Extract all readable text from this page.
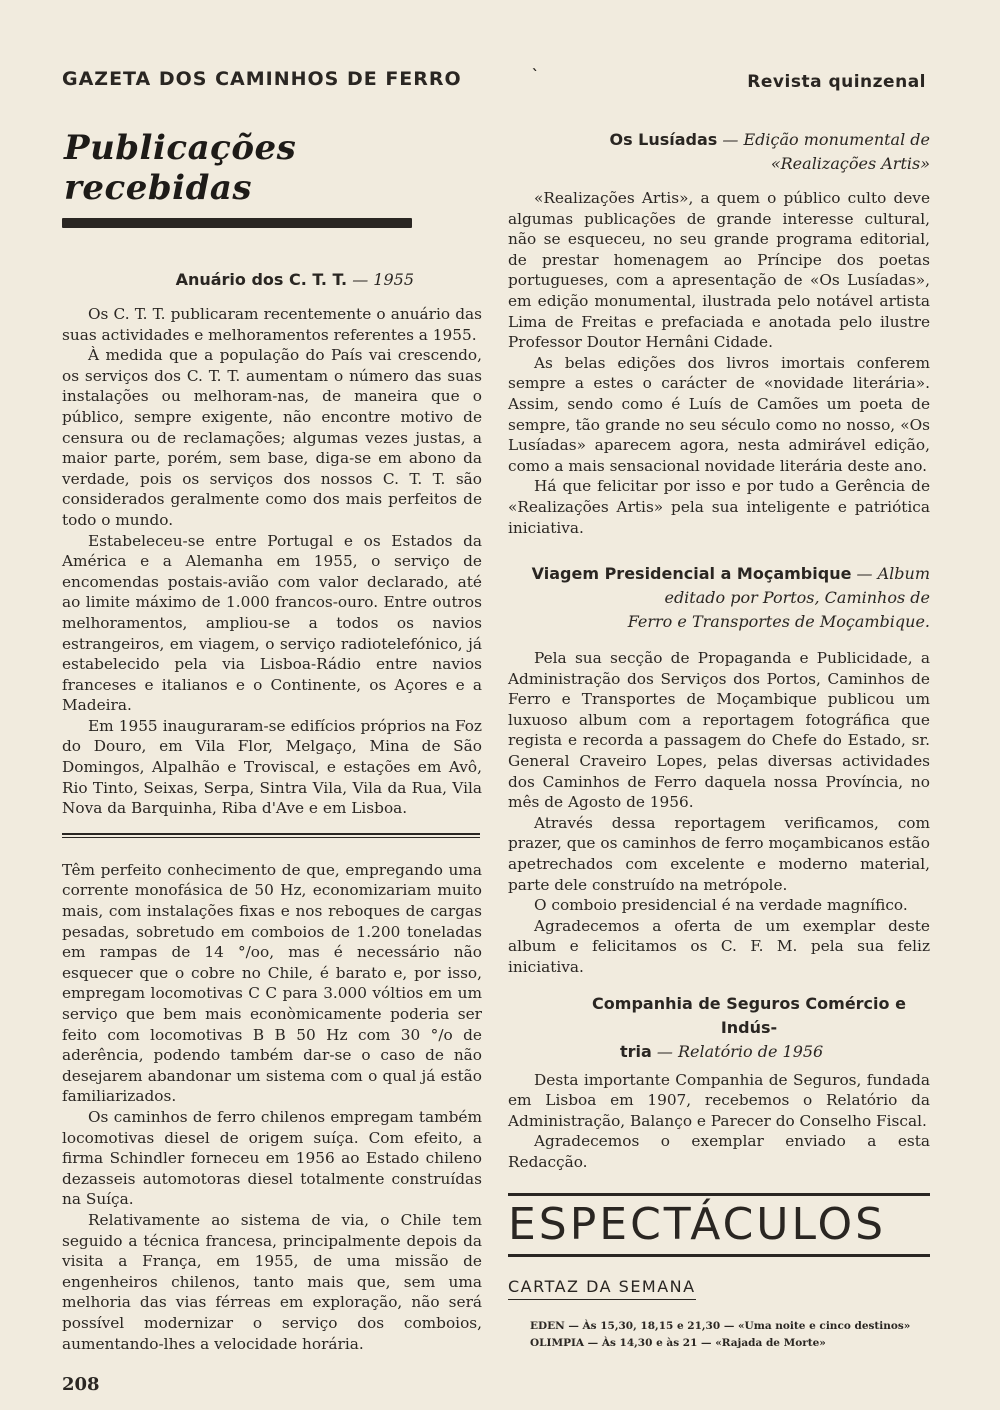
GAZETA DOS CAMINHOS DE FERRO	`	Revista quinzenal
Publicações recebidas
Anuário dos C. T. T. — 1955

Os C. T. T. publicaram recentemente o anuário das suas actividades e melhoramentos referentes a 1955.

À medida que a população do País vai crescendo, os serviços dos C. T. T. aumentam o número das suas instalações ou melhoram-nas, de maneira que o público, sempre exigente, não encontre motivo de censura ou de reclamações; algumas vezes justas, a maior parte, porém, sem base, diga-se em abono da verdade, pois os serviços dos nossos C. T. T. são considerados geralmente como dos mais perfeitos de todo o mundo.

Estabeleceu-se entre Portugal e os Estados da América e a Alemanha em 1955, o serviço de encomendas postais-avião com valor declarado, até ao limite máximo de 1.000 francos-ouro. Entre outros melhoramentos, ampliou-se a todos os navios estrangeiros, em viagem, o serviço radiotelefónico, já estabelecido pela via Lisboa-Rádio entre navios franceses e italianos e o Continente, os Açores e a Madeira.

Em 1955 inauguraram-se edifícios próprios na Foz do Douro, em Vila Flor, Melgaço, Mina de São Domingos, Alpalhão e Troviscal, e estações em Avô, Rio Tinto, Seixas, Serpa, Sintra Vila, Vila da Rua, Vila Nova da Barquinha, Riba d'Ave e em Lisboa.

Têm perfeito conhecimento de que, empregando uma corrente monofásica de 50 Hz, economizariam muito mais, com instalações fixas e nos reboques de cargas pesadas, sobretudo em comboios de 1.200 toneladas em rampas de 14 °/oo, mas é necessário não esquecer que o cobre no Chile, é barato e, por isso, empregam locomotivas C C para 3.000 vóltios em um serviço que bem mais econòmicamente poderia ser feito com locomotivas B B 50 Hz com 30 °/o de aderência, podendo também dar-se o caso de não desejarem abandonar um sistema com o qual já estão familiarizados.

Os caminhos de ferro chilenos empregam também locomotivas diesel de origem suíça. Com efeito, a firma Schindler forneceu em 1956 ao Estado chileno dezasseis automotoras diesel totalmente construídas na Suíça.

Relativamente ao sistema de via, o Chile tem seguido a técnica francesa, principalmente depois da visita a França, em 1955, de uma missão de engenheiros chilenos, tanto mais que, sem uma melhoria das vias férreas em exploração, não será possível modernizar o serviço dos comboios, aumentando-lhes a velocidade horária.

Os Lusíadas — Edição monumental de «Realizações Artis»

«Realizações Artis», a quem o público culto deve algumas publicações de grande interesse cultural, não se esqueceu, no seu grande programa editorial, de prestar homenagem ao Príncipe dos poetas portugueses, com a apresentação de «Os Lusíadas», em edição monumental, ilustrada pelo notável artista Lima de Freitas e prefaciada e anotada pelo ilustre Professor Doutor Hernâni Cidade.

As belas edições dos livros imortais conferem sempre a estes o carácter de «novidade literária». Assim, sendo como é Luís de Camões um poeta de sempre, tão grande no seu século como no nosso, «Os Lusíadas» aparecem agora, nesta admirável edição, como a mais sensacional novidade literária deste ano.

Há que felicitar por isso e por tudo a Gerência de «Realizações Artis» pela sua inteligente e patriótica iniciativa.

Viagem Presidencial a Moçambique — Album
editado por Portos, Caminhos de
Ferro e Transportes de Moçambique.

Pela sua secção de Propaganda e Publicidade, a Administração dos Serviços dos Portos, Caminhos de Ferro e Transportes de Moçambique publicou um luxuoso album com a reportagem fotográfica que regista e recorda a passagem do Chefe do Estado, sr. General Craveiro Lopes, pelas diversas actividades dos Caminhos de Ferro daquela nossa Província, no mês de Agosto de 1956.

Através dessa reportagem verificamos, com prazer, que os caminhos de ferro moçambicanos estão apetrechados com excelente e moderno material, parte dele construído na metrópole.

O comboio presidencial é na verdade magnífico.

Agradecemos a oferta de um exemplar deste album e felicitamos os C. F. M. pela sua feliz iniciativa.

Companhia de Seguros Comércio e Indús-
tria — Relatório de 1956

Desta importante Companhia de Seguros, fundada em Lisboa em 1907, recebemos o Relatório da Administração, Balanço e Parecer do Conselho Fiscal.

Agradecemos o exemplar enviado a esta Redacção.

ESPECTÁCULOS
CARTAZ DA SEMANA
EDEN — Às 15,30, 18,15 e 21,30 — «Uma noite e cinco destinos»
OLIMPIA — Às 14,30 e às 21 — «Rajada de Morte»
208
